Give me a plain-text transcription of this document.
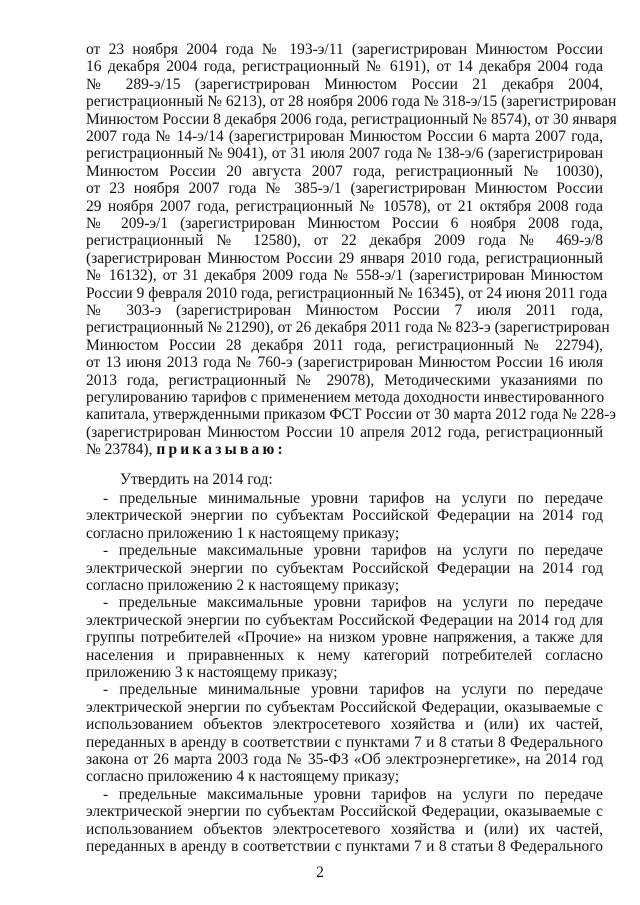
от 23 ноября 2004 года № 193-э/11 (зарегистрирован Минюстом России
16 декабря 2004 года, регистрационный № 6191), от 14 декабря 2004 года
№ 289-э/15 (зарегистрирован Минюстом России 21 декабря 2004,
регистрационный № 6213), от 28 ноября 2006 года № 318-э/15 (зарегистрирован
Минюстом России 8 декабря 2006 года, регистрационный № 8574), от 30 января
2007 года № 14-э/14 (зарегистрирован Минюстом России 6 марта 2007 года,
регистрационный № 9041), от 31 июля 2007 года № 138-э/6 (зарегистрирован
Минюстом России 20 августа 2007 года, регистрационный № 10030),
от 23 ноября 2007 года № 385-э/1 (зарегистрирован Минюстом России
29 ноября 2007 года, регистрационный № 10578), от 21 октября 2008 года
№ 209-э/1 (зарегистрирован Минюстом России 6 ноября 2008 года,
регистрационный № 12580), от 22 декабря 2009 года № 469-э/8
(зарегистрирован Минюстом России 29 января 2010 года, регистрационный
№ 16132), от 31 декабря 2009 года № 558-э/1 (зарегистрирован Минюстом
России 9 февраля 2010 года, регистрационный № 16345), от 24 июня 2011 года
№ 303-э (зарегистрирован Минюстом России 7 июля 2011 года,
регистрационный № 21290), от 26 декабря 2011 года № 823-э (зарегистрирован
Минюстом России 28 декабря 2011 года, регистрационный № 22794),
от 13 июня 2013 года № 760-э (зарегистрирован Минюстом России 16 июля
2013 года, регистрационный № 29078), Методическими указаниями по
регулированию тарифов с применением метода доходности инвестированного
капитала, утвержденными приказом ФСТ России от 30 марта 2012 года № 228-э
(зарегистрирован Минюстом России 10 апреля 2012 года, регистрационный
№ 23784), приказываю:
Утвердить на 2014 год:
- предельные минимальные уровни тарифов на услуги по передаче
электрической энергии по субъектам Российской Федерации на 2014 год
согласно приложению 1 к настоящему приказу;
- предельные максимальные уровни тарифов на услуги по передаче
электрической энергии по субъектам Российской Федерации на 2014 год
согласно приложению 2 к настоящему приказу;
- предельные максимальные уровни тарифов на услуги по передаче
электрической энергии по субъектам Российской Федерации на 2014 год для
группы потребителей «Прочие» на низком уровне напряжения, а также для
населения и приравненных к нему категорий потребителей согласно
приложению 3 к настоящему приказу;
- предельные минимальные уровни тарифов на услуги по передаче
электрической энергии по субъектам Российской Федерации, оказываемые с
использованием объектов электросетевого хозяйства и (или) их частей,
переданных в аренду в соответствии с пунктами 7 и 8 статьи 8 Федерального
закона от 26 марта 2003 года № 35-ФЗ «Об электроэнергетике», на 2014 год
согласно приложению 4 к настоящему приказу;
- предельные максимальные уровни тарифов на услуги по передаче
электрической энергии по субъектам Российской Федерации, оказываемые с
использованием объектов электросетевого хозяйства и (или) их частей,
переданных в аренду в соответствии с пунктами 7 и 8 статьи 8 Федерального
2
